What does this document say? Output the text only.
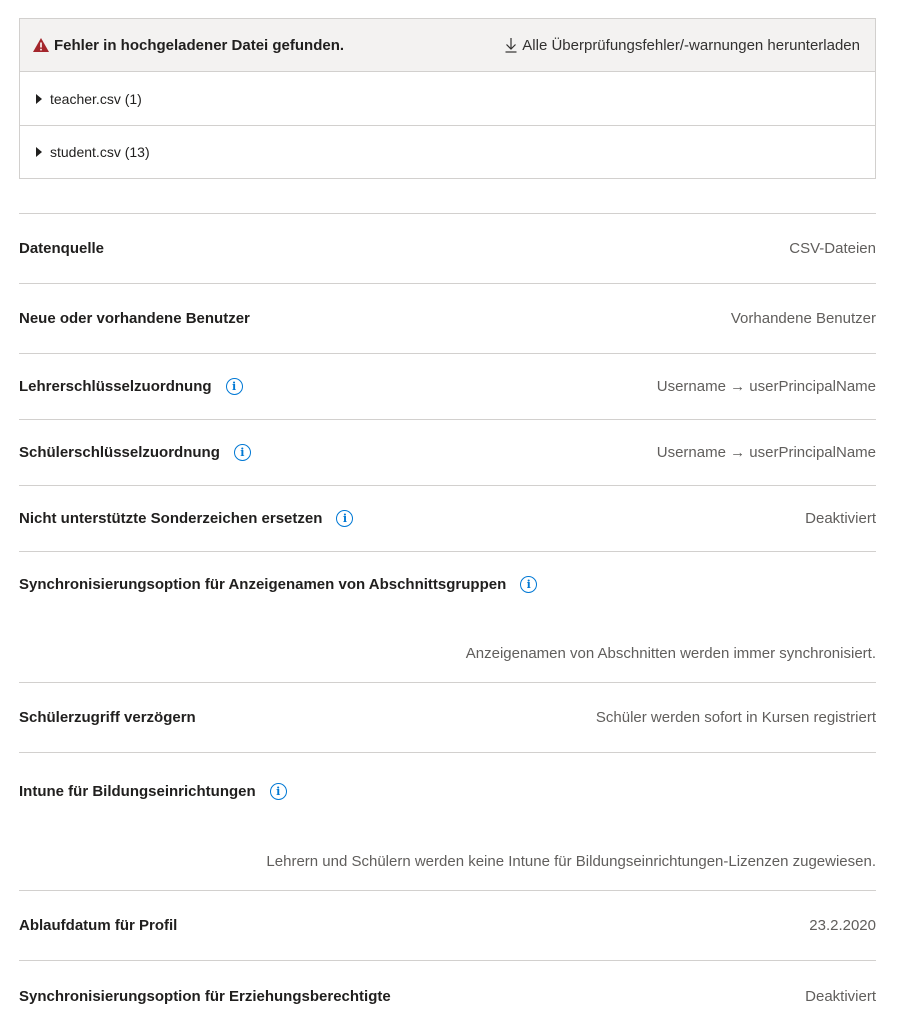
Fehler in hochgeladener Datei gefunden.	Alle Überprüfungsfehler/-warnungen herunterladen
teacher.csv (1)
student.csv (13)
Datenquelle	CSV-Dateien
Neue oder vorhandene Benutzer	Vorhandene Benutzer
Lehrerschlüsselzuordnung	i	Username → userPrincipalName
Schülerschlüsselzuordnung	i	Username → userPrincipalName
Nicht unterstützte Sonderzeichen ersetzen	i	Deaktiviert
Synchronisierungsoption für Anzeigenamen von Abschnittsgruppen	i
Anzeigenamen von Abschnitten werden immer synchronisiert.
Schülerzugriff verzögern	Schüler werden sofort in Kursen registriert
Intune für Bildungseinrichtungen	i
Lehrern und Schülern werden keine Intune für Bildungseinrichtungen-Lizenzen zugewiesen.
Ablaufdatum für Profil	23.2.2020
Synchronisierungsoption für Erziehungsberechtigte	Deaktiviert
